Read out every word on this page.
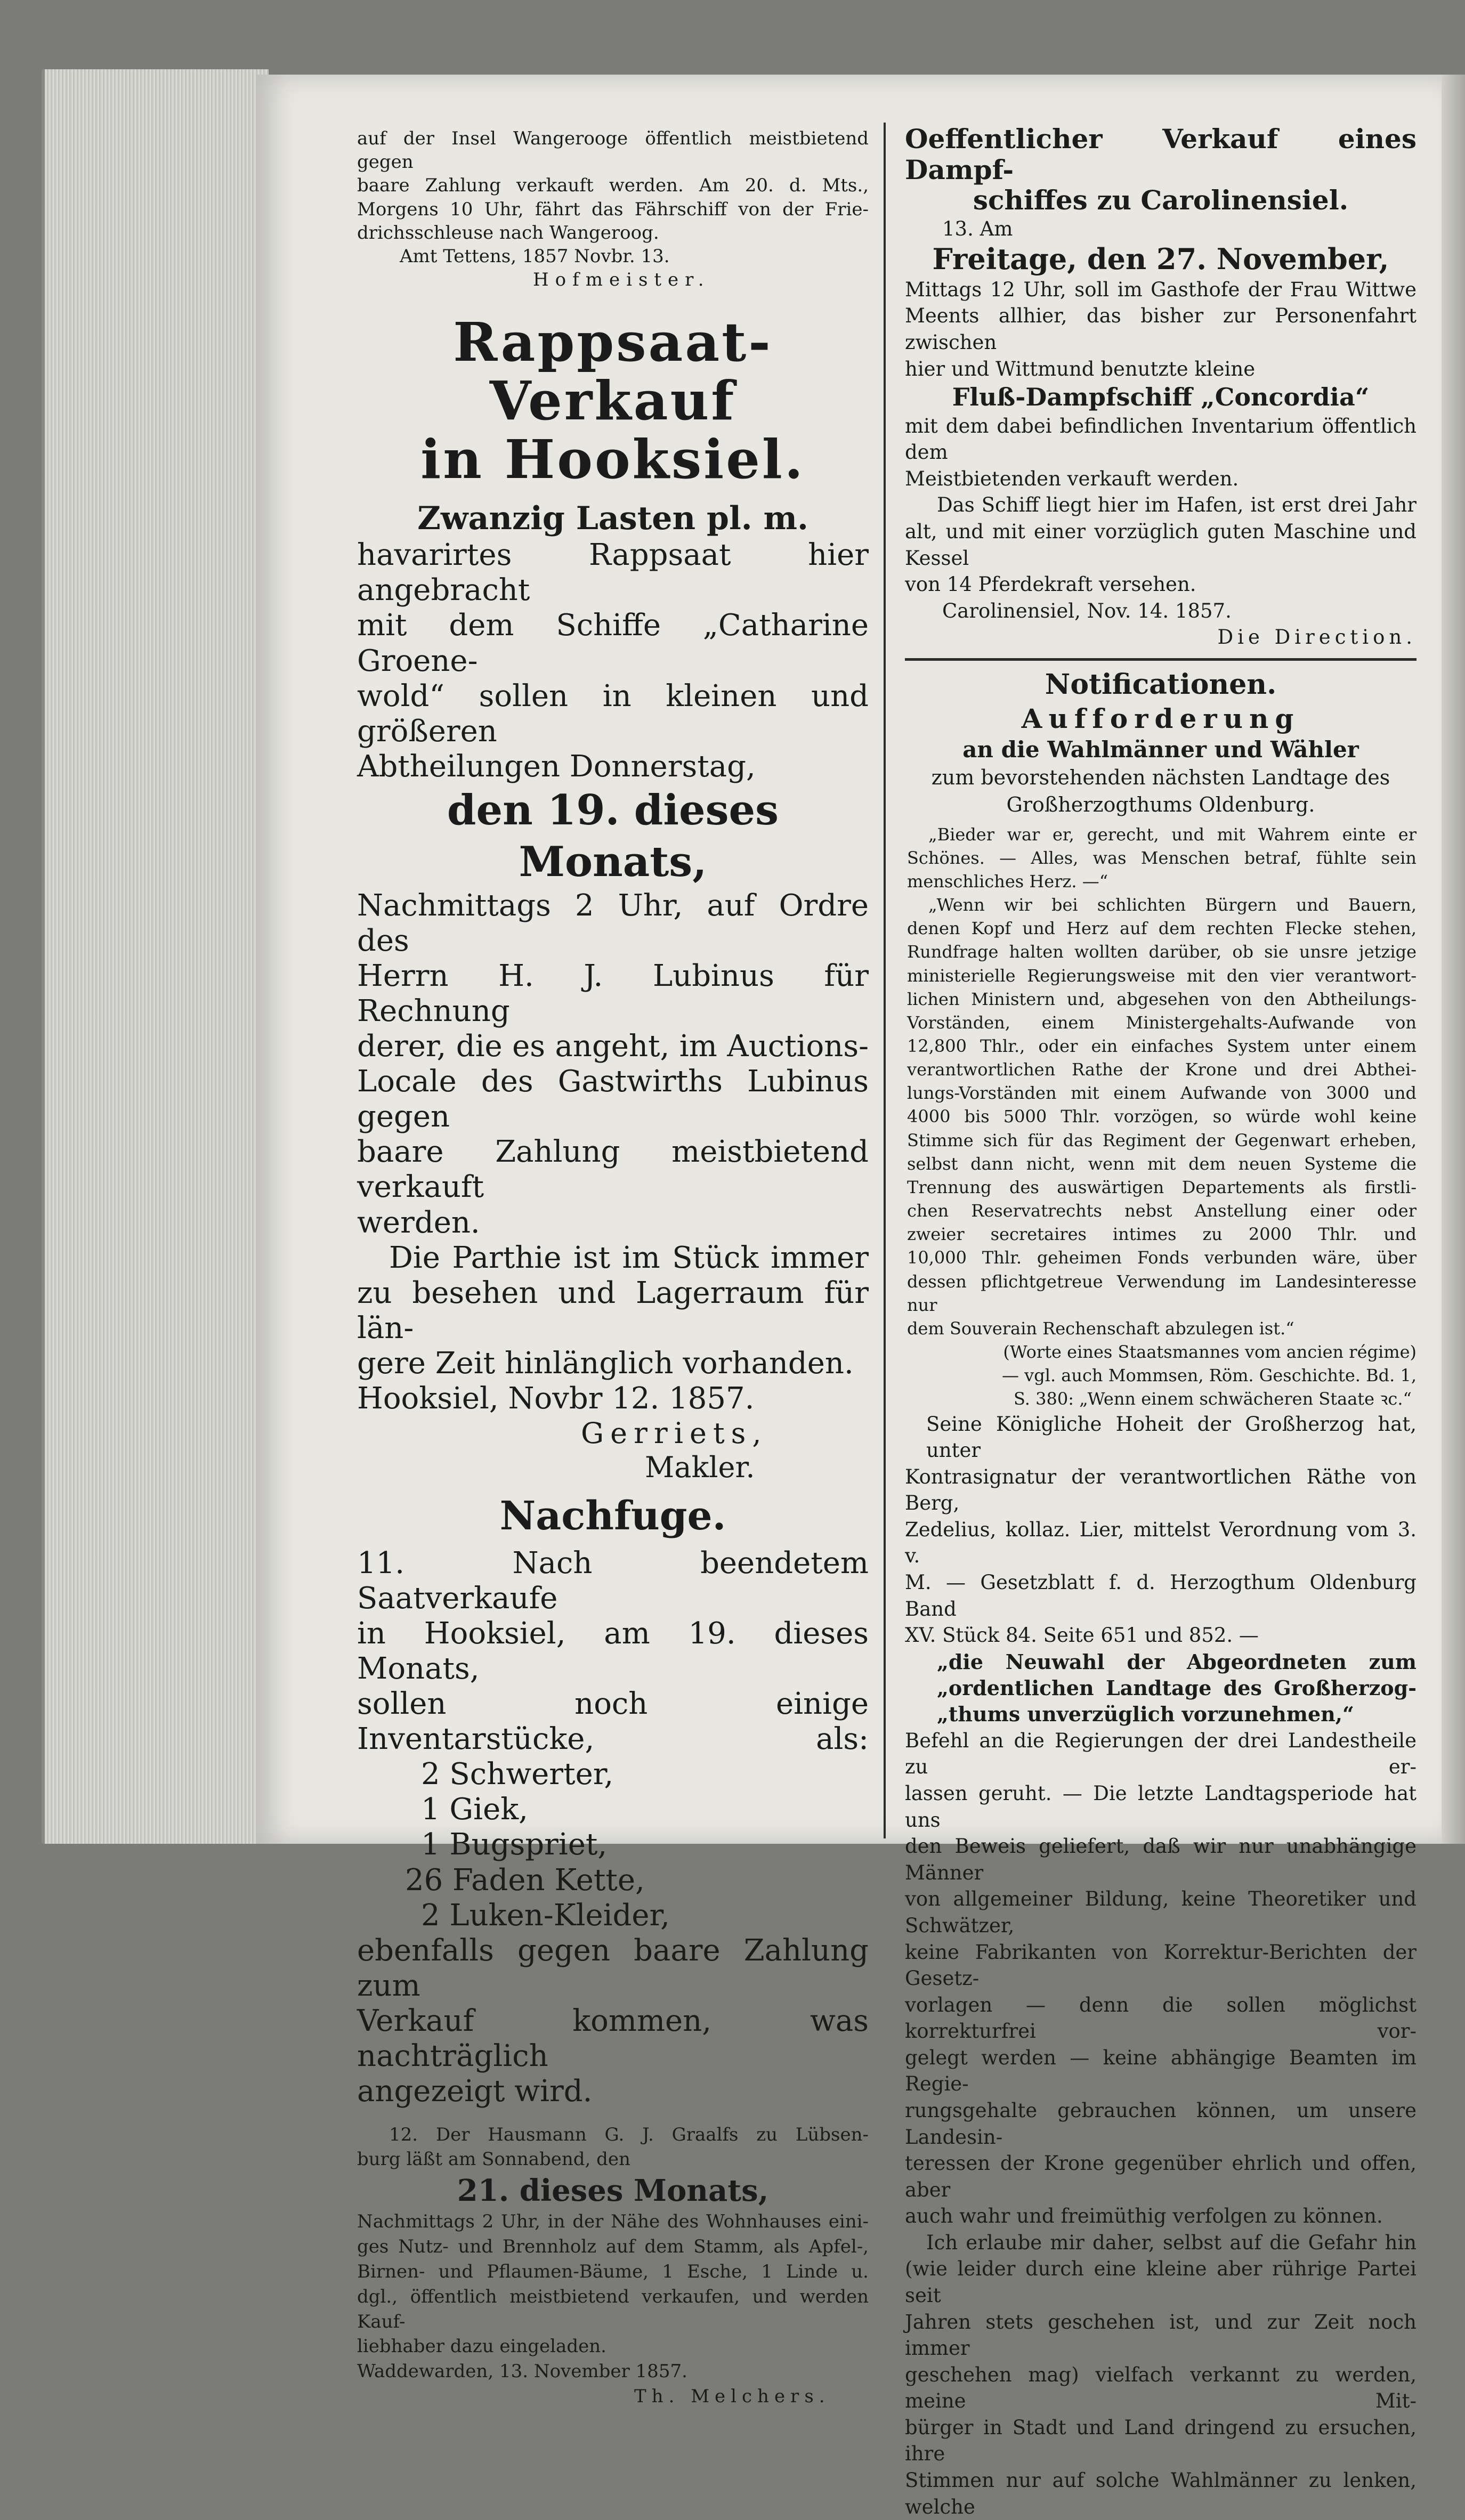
auf der Insel Wangerooge öffentlich meistbietend gegen

baare Zahlung verkauft werden. Am 20. d. Mts.,

Morgens 10 Uhr, fährt das Fährschiff von der Frie-

drichsschleuse nach Wangeroog.

Amt Tettens, 1857 Novbr. 13.

Hofmeister.

Rappsaat-Verkauf

in Hooksiel.

Zwanzig Lasten pl. m.

havarirtes Rappsaat hier angebracht

mit dem Schiffe „Catharine Groene-

wold“ sollen in kleinen und größeren

Abtheilungen Donnerstag,

den 19. dieses Monats,

Nachmittags 2 Uhr, auf Ordre des

Herrn H. J. Lubinus für Rechnung

derer, die es angeht, im Auctions-

Locale des Gastwirths Lubinus gegen

baare Zahlung meistbietend verkauft

werden.

Die Parthie ist im Stück immer

zu besehen und Lagerraum für län-

gere Zeit hinlänglich vorhanden.

Hooksiel, Novbr 12. 1857.

Gerriets,

Makler.

Nachfuge.

11. Nach beendetem Saatverkaufe

in Hooksiel, am 19. dieses Monats,

sollen noch einige Inventarstücke, als:

2 Schwerter,

1 Giek,

1 Bugspriet,

26 Faden Kette,

2 Luken-Kleider,

ebenfalls gegen baare Zahlung zum

Verkauf kommen, was nachträglich

angezeigt wird.

12. Der Hausmann G. J. Graalfs zu Lübsen-

burg läßt am Sonnabend, den

21. dieses Monats,

Nachmittags 2 Uhr, in der Nähe des Wohnhauses eini-

ges Nutz- und Brennholz auf dem Stamm, als Apfel-,

Birnen- und Pflaumen-Bäume, 1 Esche, 1 Linde u.

dgl., öffentlich meistbietend verkaufen, und werden Kauf-

liebhaber dazu eingeladen.

Waddewarden, 13. November 1857.

Th. Melchers.

Oeffentlicher Verkauf eines Dampf-

schiffes zu Carolinensiel.

13. Am

Freitage, den 27. November,

Mittags 12 Uhr, soll im Gasthofe der Frau Wittwe

Meents allhier, das bisher zur Personenfahrt zwischen

hier und Wittmund benutzte kleine

Fluß-Dampfschiff „Concordia“

mit dem dabei befindlichen Inventarium öffentlich dem

Meistbietenden verkauft werden.

Das Schiff liegt hier im Hafen, ist erst drei Jahr

alt, und mit einer vorzüglich guten Maschine und Kessel

von 14 Pferdekraft versehen.

Carolinensiel, Nov. 14. 1857.

Die Direction.

Notificationen.

Aufforderung

an die Wahlmänner und Wähler

zum bevorstehenden nächsten Landtage des

Großherzogthums Oldenburg.

„Bieder war er, gerecht, und mit Wahrem einte er

Schönes. — Alles, was Menschen betraf, fühlte sein

menschliches Herz. —“

„Wenn wir bei schlichten Bürgern und Bauern,

denen Kopf und Herz auf dem rechten Flecke stehen,

Rundfrage halten wollten darüber, ob sie unsre jetzige

ministerielle Regierungsweise mit den vier verantwort-

lichen Ministern und, abgesehen von den Abtheilungs-

Vorständen, einem Ministergehalts-Aufwande von

12,800 Thlr., oder ein einfaches System unter einem

verantwortlichen Rathe der Krone und drei Abthei-

lungs-Vorständen mit einem Aufwande von 3000 und

4000 bis 5000 Thlr. vorzögen, so würde wohl keine

Stimme sich für das Regiment der Gegenwart erheben,

selbst dann nicht, wenn mit dem neuen Systeme die

Trennung des auswärtigen Departements als firstli-

chen Reservatrechts nebst Anstellung einer oder

zweier secretaires intimes zu 2000 Thlr. und

10,000 Thlr. geheimen Fonds verbunden wäre, über

dessen pflichtgetreue Verwendung im Landesinteresse nur

dem Souverain Rechenschaft abzulegen ist.“

(Worte eines Staatsmannes vom ancien régime)

— vgl. auch Mommsen, Röm. Geschichte. Bd. 1,

S. 380: „Wenn einem schwächeren Staate ꝛc.“

Seine Königliche Hoheit der Großherzog hat, unter

Kontrasignatur der verantwortlichen Räthe von Berg,

Zedelius, kollaz. Lier, mittelst Verordnung vom 3. v.

M. — Gesetzblatt f. d. Herzogthum Oldenburg Band

XV. Stück 84. Seite 651 und 852. —

„die Neuwahl der Abgeordneten zum

„ordentlichen Landtage des Großherzog-

„thums unverzüglich vorzunehmen,“

Befehl an die Regierungen der drei Landestheile zu er-

lassen geruht. — Die letzte Landtagsperiode hat uns

den Beweis geliefert, daß wir nur unabhängige Männer

von allgemeiner Bildung, keine Theoretiker und Schwätzer,

keine Fabrikanten von Korrektur-Berichten der Gesetz-

vorlagen — denn die sollen möglichst korrekturfrei vor-

gelegt werden — keine abhängige Beamten im Regie-

rungsgehalte gebrauchen können, um unsere Landesin-

teressen der Krone gegenüber ehrlich und offen, aber

auch wahr und freimüthig verfolgen zu können.

Ich erlaube mir daher, selbst auf die Gefahr hin

(wie leider durch eine kleine aber rührige Partei seit

Jahren stets geschehen ist, und zur Zeit noch immer

geschehen mag) vielfach verkannt zu werden, meine Mit-

bürger in Stadt und Land dringend zu ersuchen, ihre

Stimmen nur auf solche Wahlmänner zu lenken, welche
